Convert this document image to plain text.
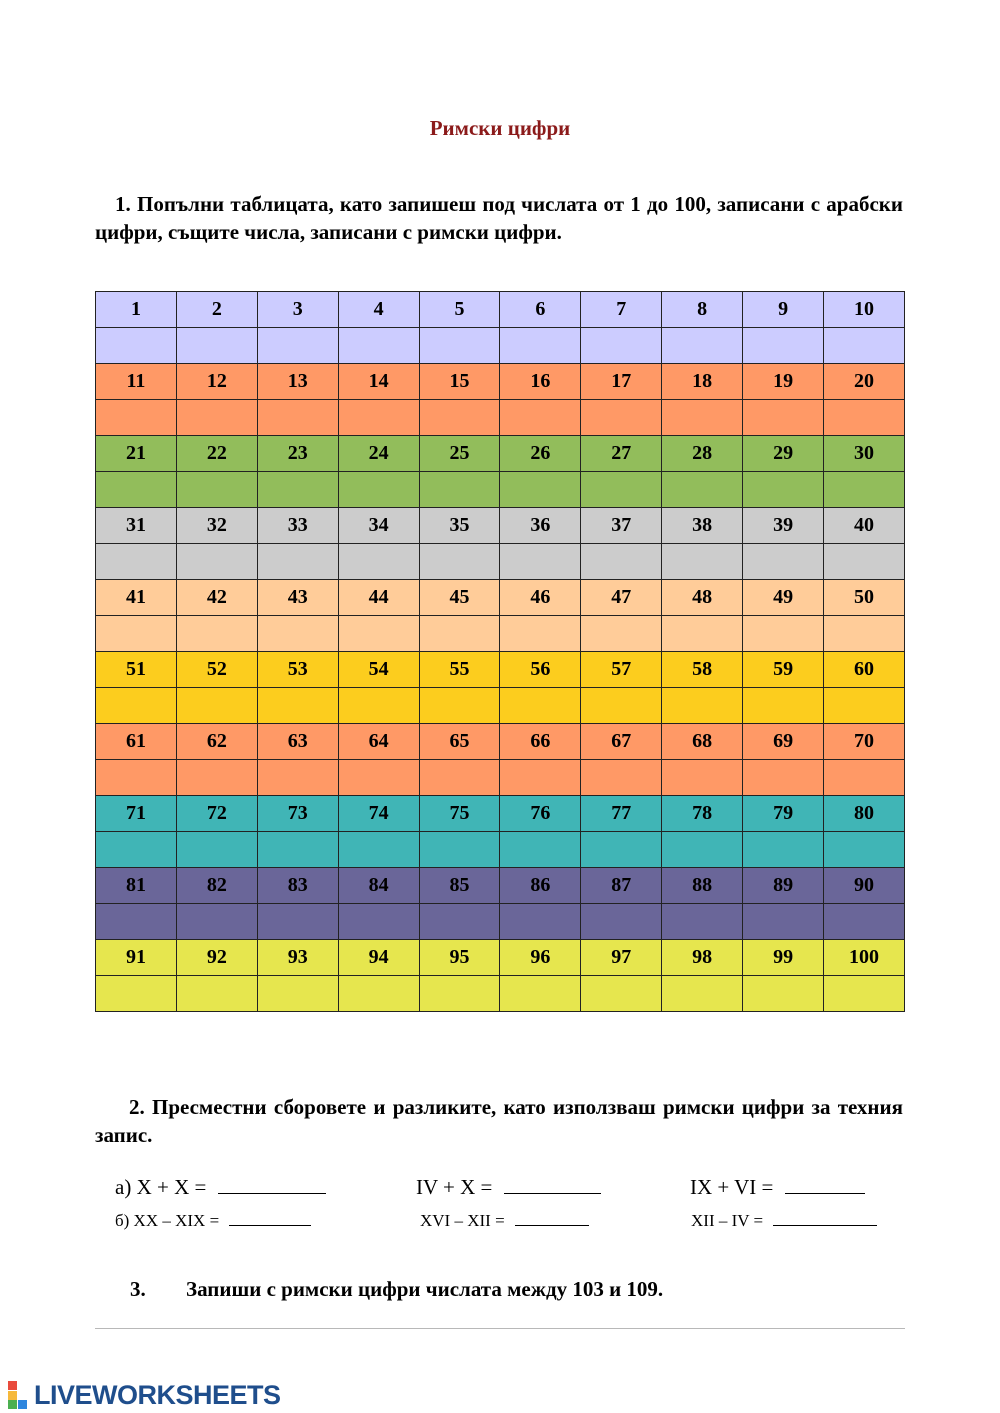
Римски цифри
1. Попълни таблицата, като запишеш под числата от 1 до 100, записани с арабски цифри, същите числа, записани с римски цифри.
1	2	3	4	5	6	7	8	9	10

11	12	13	14	15	16	17	18	19	20

21	22	23	24	25	26	27	28	29	30

31	32	33	34	35	36	37	38	39	40

41	42	43	44	45	46	47	48	49	50

51	52	53	54	55	56	57	58	59	60

61	62	63	64	65	66	67	68	69	70

71	72	73	74	75	76	77	78	79	80

81	82	83	84	85	86	87	88	89	90

91	92	93	94	95	96	97	98	99	100

2. Пресместни сборовете и разликите, като използваш римски цифри за техния запис.
а) X + X =	IV + X =	IX + VI =
б) XX – XIX =	XVI – XII =	XII – IV =
3. Запиши с римски цифри числата между 103 и 109.
LIVEWORKSHEETS
